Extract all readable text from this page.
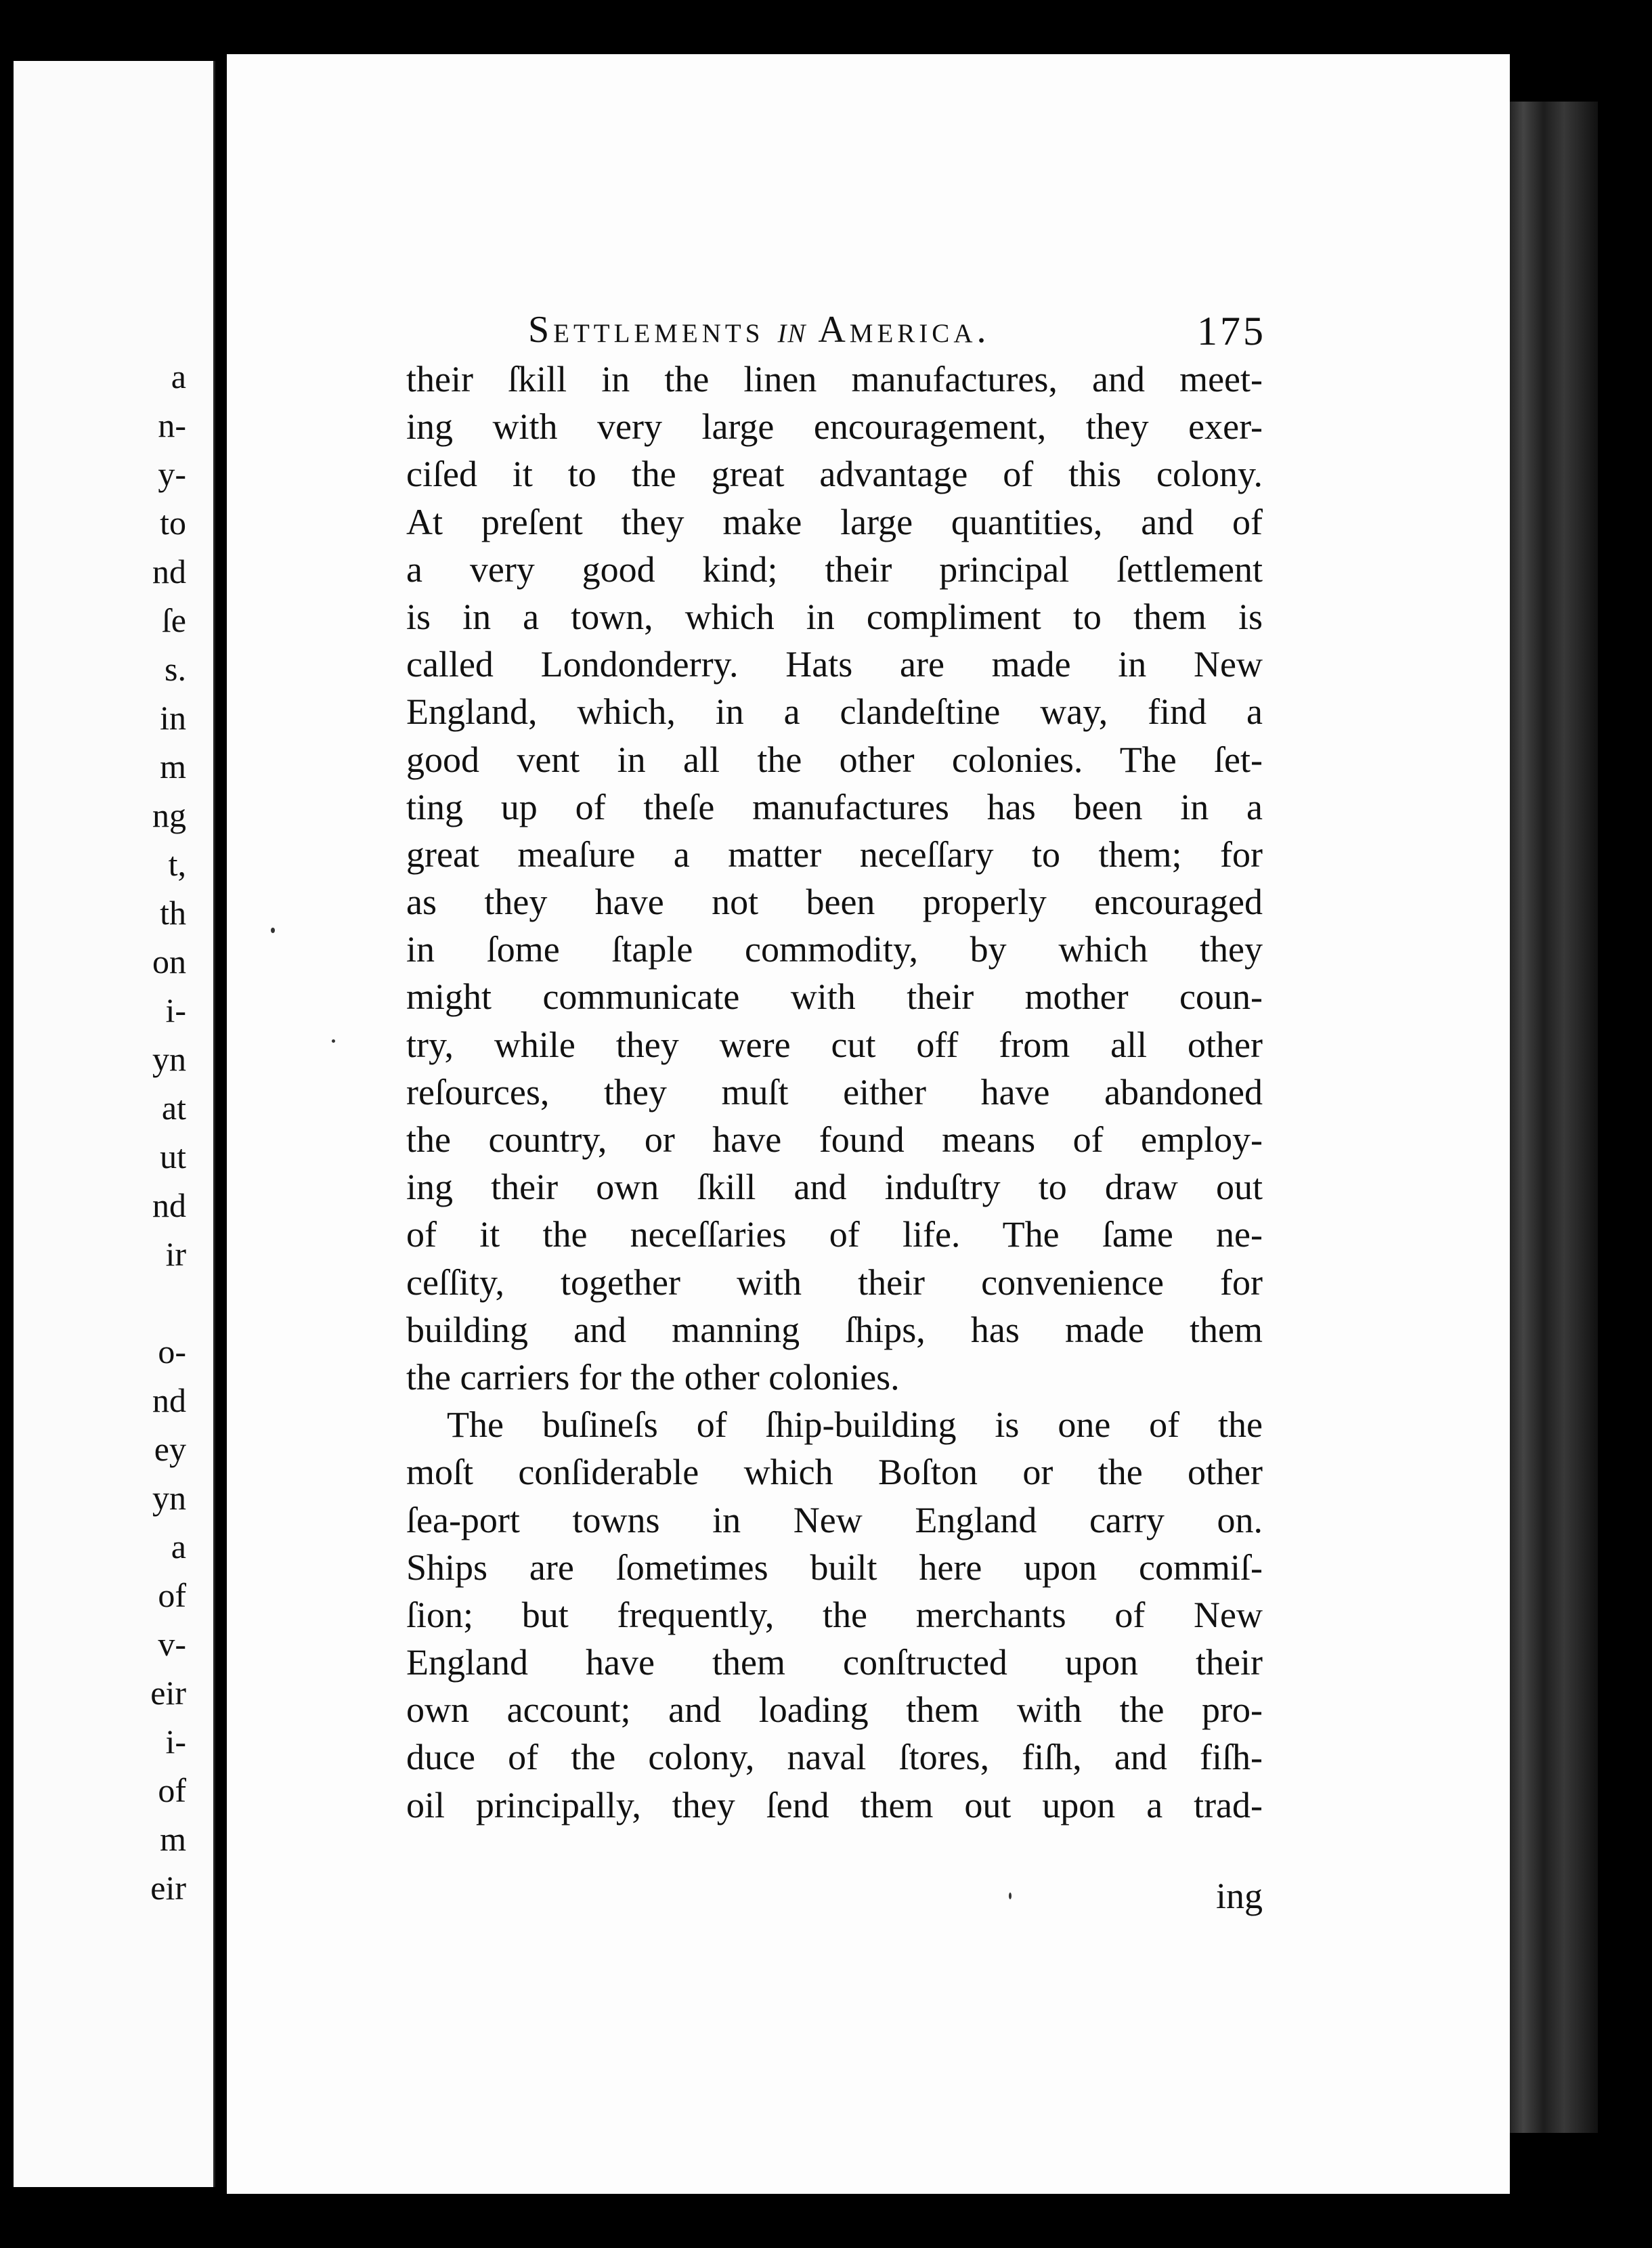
a
n-
y-
to
nd
ſe
s.
in
m
ng
t,
th
on
i-
yn
at
ut
nd
ir
o-
nd
ey
yn
a
of
v-
eir
i-
of
m
eir
Settlements in America.	175
their ſkill in the linen manufactures, and meet-
ing with very large encouragement, they exer-
ciſed it to the great advantage of this colony.
At preſent they make large quantities, and of
a very good kind; their principal ſettlement
is in a town, which in compliment to them is
called Londonderry. Hats are made in New
England, which, in a clandeſtine way, find a
good vent in all the other colonies. The ſet-
ting up of theſe manufactures has been in a
great meaſure a matter neceſſary to them; for
as they have not been properly encouraged
in ſome ſtaple commodity, by which they
might communicate with their mother coun-
try, while they were cut off from all other
reſources, they muſt either have abandoned
the country, or have found means of employ-
ing their own ſkill and induſtry to draw out
of it the neceſſaries of life. The ſame ne-
ceſſity, together with their convenience for
building and manning ſhips, has made them
the carriers for the other colonies.
The buſineſs of ſhip-building is one of the
moſt conſiderable which Boſton or the other
ſea-port towns in New England carry on.
Ships are ſometimes built here upon commiſ-
ſion; but frequently, the merchants of New
England have them conſtructed upon their
own account; and loading them with the pro-
duce of the colony, naval ſtores, fiſh, and fiſh-
oil principally, they ſend them out upon a trad-
ing
